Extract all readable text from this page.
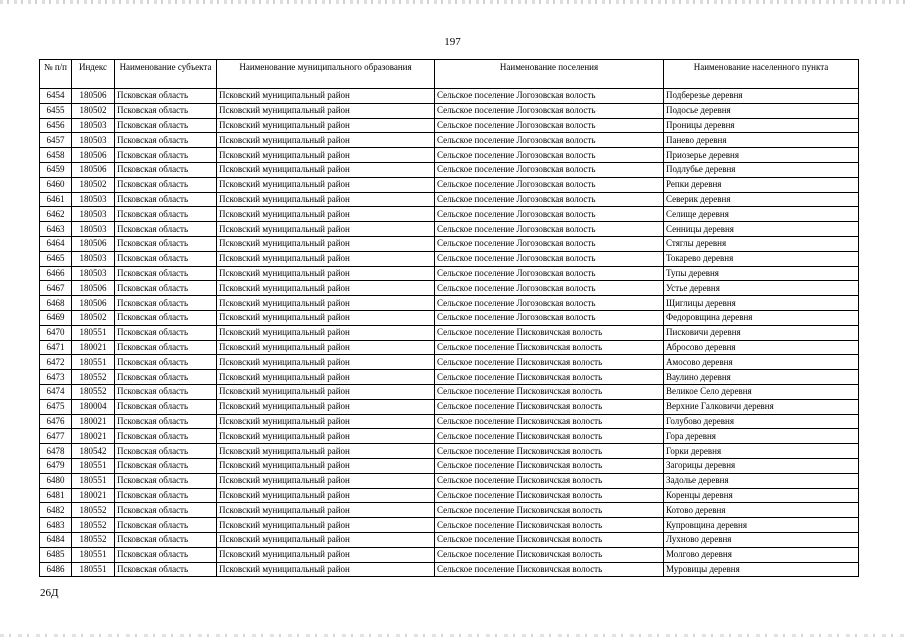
197
№ п/п	Индекс	Наименование субъекта	Наименование муниципального образования	Наименование поселения	Наименование населенного пункта
6454	180506	Псковская область	Псковский муниципальный район	Сельское поселение Логозовская волость	Подберезье деревня
6455	180502	Псковская область	Псковский муниципальный район	Сельское поселение Логозовская волость	Подосье деревня
6456	180503	Псковская область	Псковский муниципальный район	Сельское поселение Логозовская волость	Проницы деревня
6457	180503	Псковская область	Псковский муниципальный район	Сельское поселение Логозовская волость	Панево деревня
6458	180506	Псковская область	Псковский муниципальный район	Сельское поселение Логозовская волость	Приозерье деревня
6459	180506	Псковская область	Псковский муниципальный район	Сельское поселение Логозовская волость	Подлубье деревня
6460	180502	Псковская область	Псковский муниципальный район	Сельское поселение Логозовская волость	Репки деревня
6461	180503	Псковская область	Псковский муниципальный район	Сельское поселение Логозовская волость	Северик деревня
6462	180503	Псковская область	Псковский муниципальный район	Сельское поселение Логозовская волость	Селище деревня
6463	180503	Псковская область	Псковский муниципальный район	Сельское поселение Логозовская волость	Сенницы деревня
6464	180506	Псковская область	Псковский муниципальный район	Сельское поселение Логозовская волость	Стяглы деревня
6465	180503	Псковская область	Псковский муниципальный район	Сельское поселение Логозовская волость	Токарево деревня
6466	180503	Псковская область	Псковский муниципальный район	Сельское поселение Логозовская волость	Тупы деревня
6467	180506	Псковская область	Псковский муниципальный район	Сельское поселение Логозовская волость	Устье деревня
6468	180506	Псковская область	Псковский муниципальный район	Сельское поселение Логозовская волость	Щиглицы деревня
6469	180502	Псковская область	Псковский муниципальный район	Сельское поселение Логозовская волость	Федоровщина деревня
6470	180551	Псковская область	Псковский муниципальный район	Сельское поселение Писковичская волость	Писковичи деревня
6471	180021	Псковская область	Псковский муниципальный район	Сельское поселение Писковичская волость	Абросово деревня
6472	180551	Псковская область	Псковский муниципальный район	Сельское поселение Писковичская волость	Амосово деревня
6473	180552	Псковская область	Псковский муниципальный район	Сельское поселение Писковичская волость	Ваулино деревня
6474	180552	Псковская область	Псковский муниципальный район	Сельское поселение Писковичская волость	Великое Село деревня
6475	180004	Псковская область	Псковский муниципальный район	Сельское поселение Писковичская волость	Верхние Галковичи деревня
6476	180021	Псковская область	Псковский муниципальный район	Сельское поселение Писковичская волость	Голубово деревня
6477	180021	Псковская область	Псковский муниципальный район	Сельское поселение Писковичская волость	Гора деревня
6478	180542	Псковская область	Псковский муниципальный район	Сельское поселение Писковичская волость	Горки деревня
6479	180551	Псковская область	Псковский муниципальный район	Сельское поселение Писковичская волость	Загорицы деревня
6480	180551	Псковская область	Псковский муниципальный район	Сельское поселение Писковичская волость	Задолье деревня
6481	180021	Псковская область	Псковский муниципальный район	Сельское поселение Писковичская волость	Коренцы деревня
6482	180552	Псковская область	Псковский муниципальный район	Сельское поселение Писковичская волость	Котово деревня
6483	180552	Псковская область	Псковский муниципальный район	Сельское поселение Писковичская волость	Купровщина деревня
6484	180552	Псковская область	Псковский муниципальный район	Сельское поселение Писковичская волость	Лухново деревня
6485	180551	Псковская область	Псковский муниципальный район	Сельское поселение Писковичская волость	Молгово деревня
6486	180551	Псковская область	Псковский муниципальный район	Сельское поселение Писковичская волость	Муровицы деревня
26Д
